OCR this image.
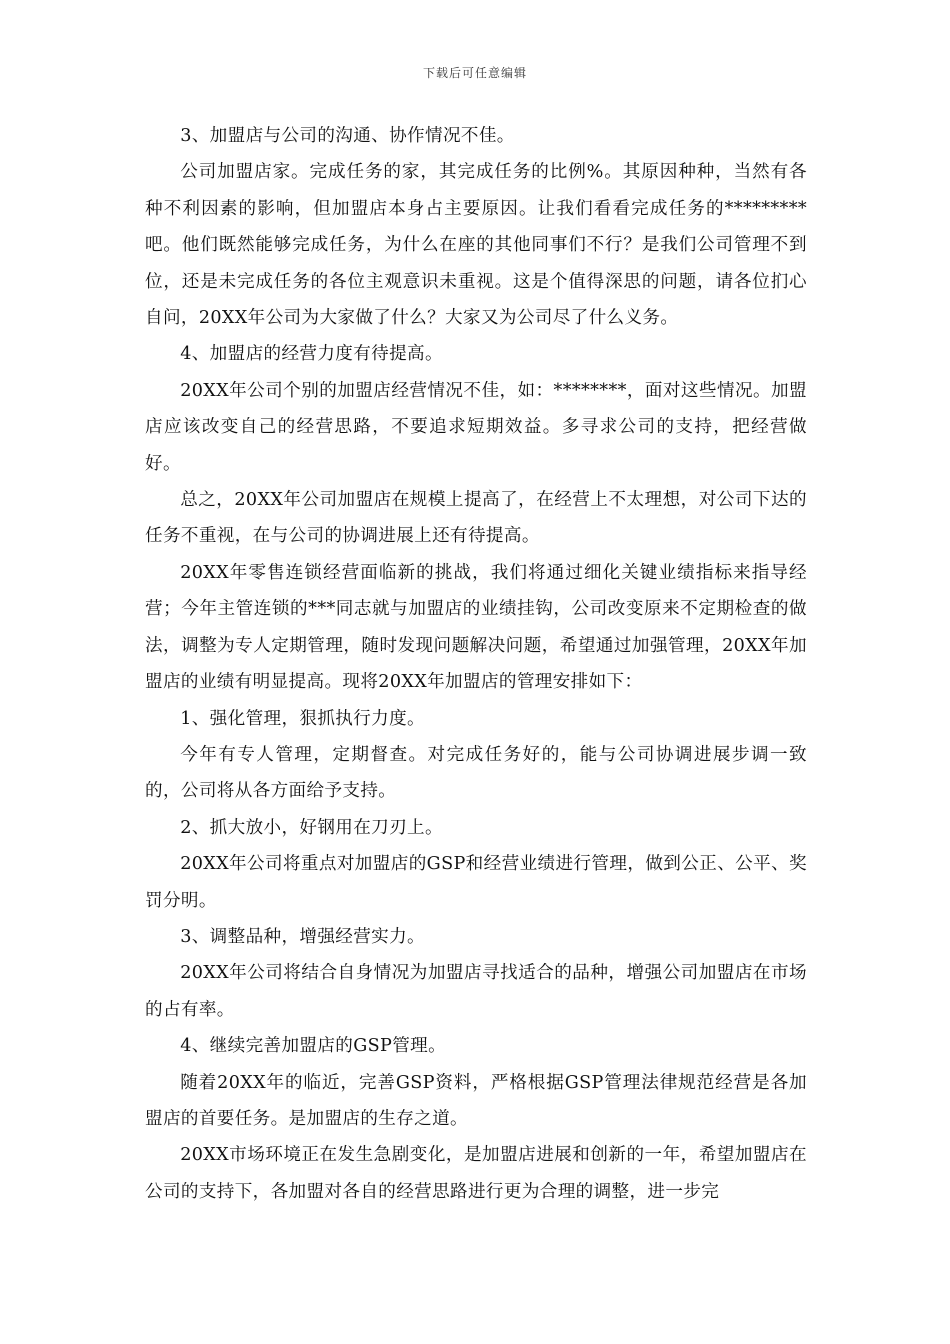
下载后可任意编辑

3、加盟店与公司的沟通、协作情况不佳。

公司加盟店家。完成任务的家，其完成任务的比例%。其原因种种，当然有各种不利因素的影响，但加盟店本身占主要原因。让我们看看完成任务的*********吧。他们既然能够完成任务，为什么在座的其他同事们不行？是我们公司管理不到位，还是未完成任务的各位主观意识未重视。这是个值得深思的问题，请各位扪心自问，20XX年公司为大家做了什么？大家又为公司尽了什么义务。

4、加盟店的经营力度有待提高。

20XX年公司个别的加盟店经营情况不佳，如：********，面对这些情况。加盟店应该改变自己的经营思路，不要追求短期效益。多寻求公司的支持，把经营做好。

总之，20XX年公司加盟店在规模上提高了，在经营上不太理想，对公司下达的任务不重视，在与公司的协调进展上还有待提高。

20XX年零售连锁经营面临新的挑战，我们将通过细化关键业绩指标来指导经营；今年主管连锁的***同志就与加盟店的业绩挂钩，公司改变原来不定期检查的做法，调整为专人定期管理，随时发现问题解决问题，希望通过加强管理，20XX年加盟店的业绩有明显提高。现将20XX年加盟店的管理安排如下：

1、强化管理，狠抓执行力度。

今年有专人管理，定期督查。对完成任务好的，能与公司协调进展步调一致的，公司将从各方面给予支持。

2、抓大放小，好钢用在刀刃上。

20XX年公司将重点对加盟店的GSP和经营业绩进行管理，做到公正、公平、奖罚分明。

3、调整品种，增强经营实力。

20XX年公司将结合自身情况为加盟店寻找适合的品种，增强公司加盟店在市场的占有率。

4、继续完善加盟店的GSP管理。

随着20XX年的临近，完善GSP资料，严格根据GSP管理法律规范经营是各加盟店的首要任务。是加盟店的生存之道。

20XX市场环境正在发生急剧变化，是加盟店进展和创新的一年，希望加盟店在公司的支持下，各加盟对各自的经营思路进行更为合理的调整，进一步完
